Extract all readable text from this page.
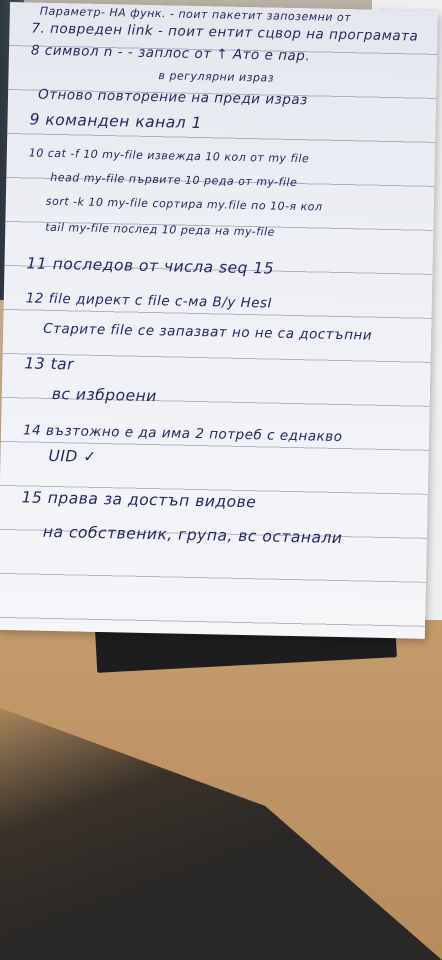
Параметр- НА функ. - поит пакетит запоземни от
7. повреден link - поит ентит сцвор на програмата
8 символ n - - заплос от ↑ Ато е пар.
в регулярни израз
Отново повторение на преди израз
9 команден канал 1
10 cat -f 10 my-file извежда 10 кол от my file
head my-file първите 10 реда от my-file
sort -k 10 my-file сортира my.file по 10-я кол
tail my-file послед 10 реда на my-file
11 последов от числа seq 15
12 file директ с file с-ма B/y HesI
Старите file се запазват но не са достъпни
13 tar
вс изброени
14 възтожно е да има 2 потреб с еднакво
UID ✓
15 права за достъп видове
на собственик, група, вс останали
